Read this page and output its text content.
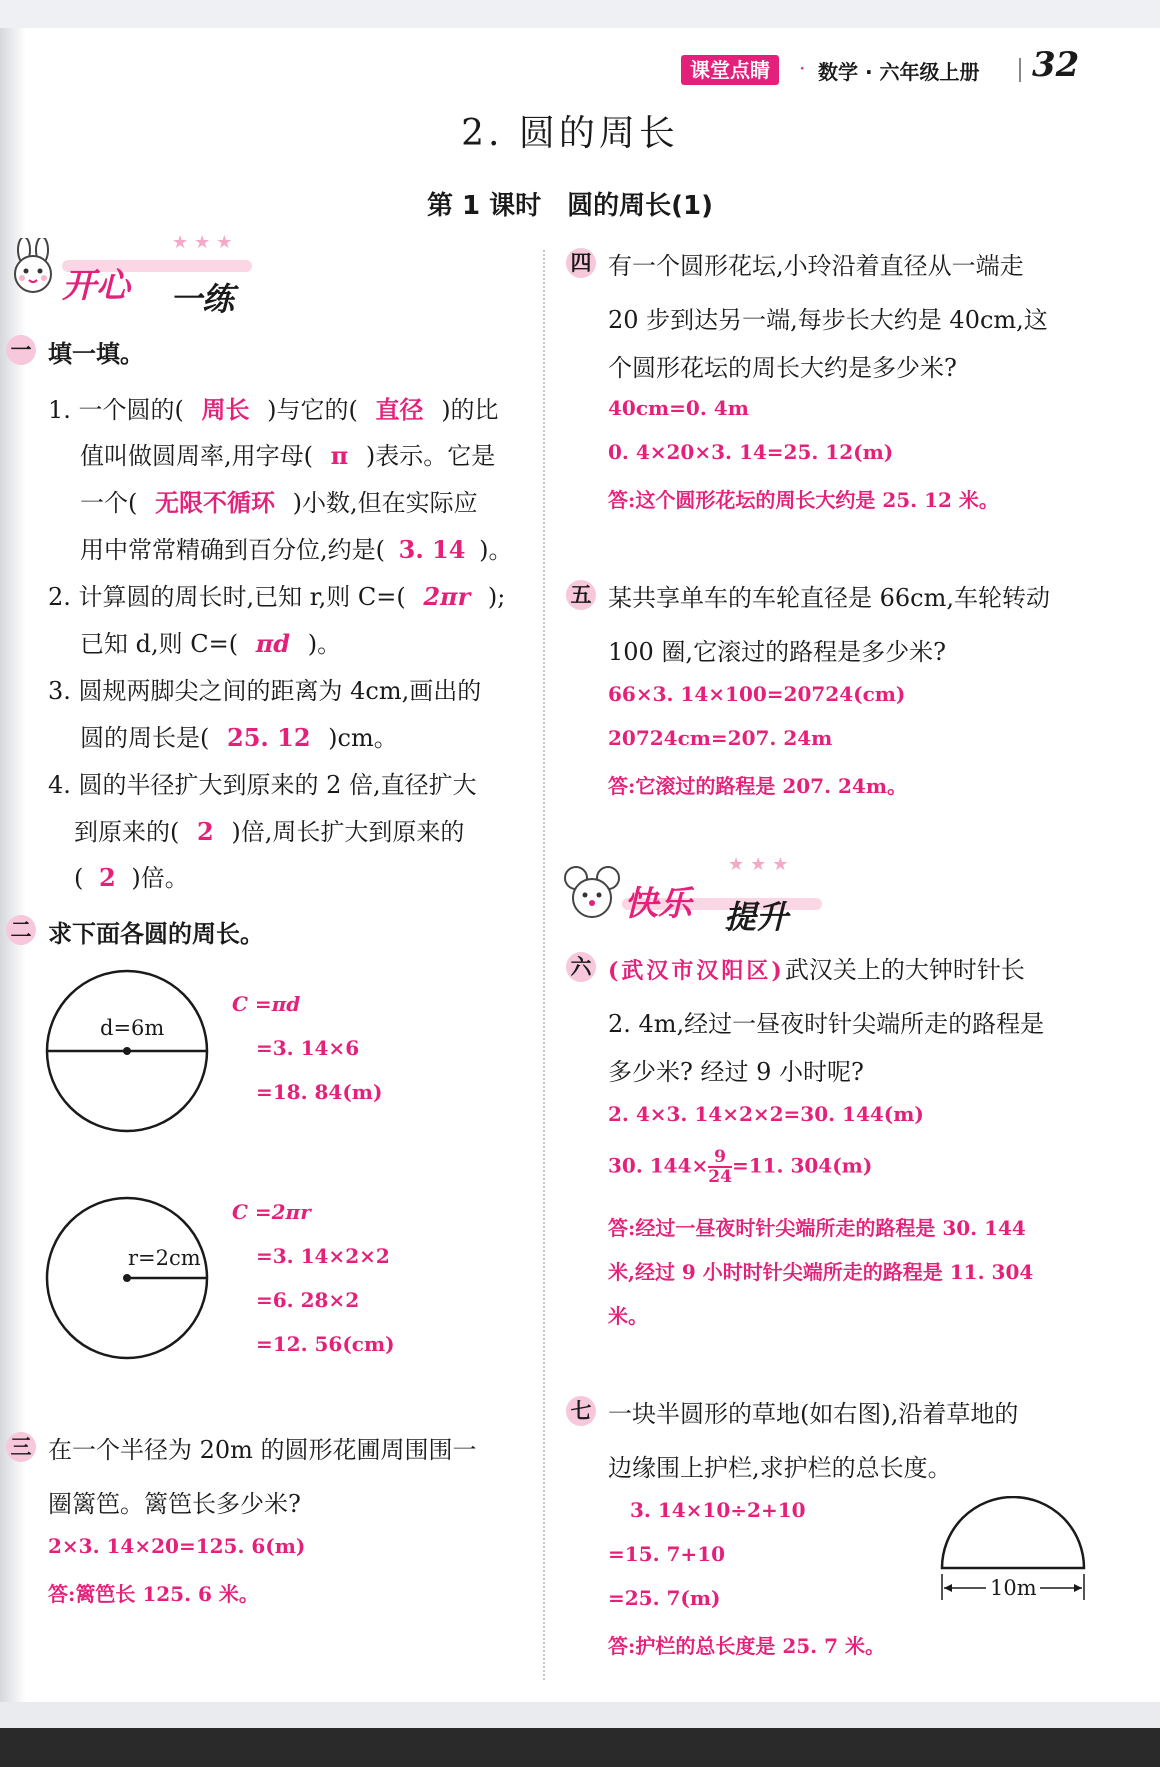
课堂点睛	· 数学 · 六年级上册 32
2. 圆的周长
第 1 课时　圆的周长(1)
开心 一练
★★★
一 填一填。
1. 一个圆的( 周长 )与它的( 直径 )的比
值叫做圆周率,用字母( π )表示。它是
一个( 无限不循环 )小数,但在实际应
用中常常精确到百分位,约是( 3. 14 )。
2. 计算圆的周长时,已知 r,则 C=( 2πr );
已知 d,则 C=( πd )。
3. 圆规两脚尖之间的距离为 4cm,画出的
圆的周长是( 25. 12 )cm。
4. 圆的半径扩大到原来的 2 倍,直径扩大
到原来的( 2 )倍,周长扩大到原来的
( 2 )倍。
二 求下面各圆的周长。
d=6m
C =πd
=3. 14×6
=18. 84(m)
r=2cm
C =2πr
=3. 14×2×2
=6. 28×2
=12. 56(cm)
三 在一个半径为 20m 的圆形花圃周围围一
圈篱笆。篱笆长多少米?
2×3. 14×20=125. 6(m)
答:篱笆长 125. 6 米。
四 有一个圆形花坛,小玲沿着直径从一端走
20 步到达另一端,每步长大约是 40cm,这
个圆形花坛的周长大约是多少米?
40cm=0. 4m
0. 4×20×3. 14=25. 12(m)
答:这个圆形花坛的周长大约是 25. 12 米。
五 某共享单车的车轮直径是 66cm,车轮转动
100 圈,它滚过的路程是多少米?
66×3. 14×100=20724(cm)
20724cm=207. 24m
答:它滚过的路程是 207. 24m。
快乐 提升
★★★
六 (武汉市汉阳区)武汉关上的大钟时针长
2. 4m,经过一昼夜时针尖端所走的路程是
多少米? 经过 9 小时呢?
2. 4×3. 14×2×2=30. 144(m)
30. $144\times \frac{9}{24} =11$. 304(m)
答:经过一昼夜时针尖端所走的路程是 30. 144
米,经过 9 小时时针尖端所走的路程是 11. 304
米。
七 一块半圆形的草地(如右图),沿着草地的
边缘围上护栏,求护栏的总长度。
3. 14×10÷2+10
=15. 7+10
=25. 7(m)
答:护栏的总长度是 25. 7 米。
10m
